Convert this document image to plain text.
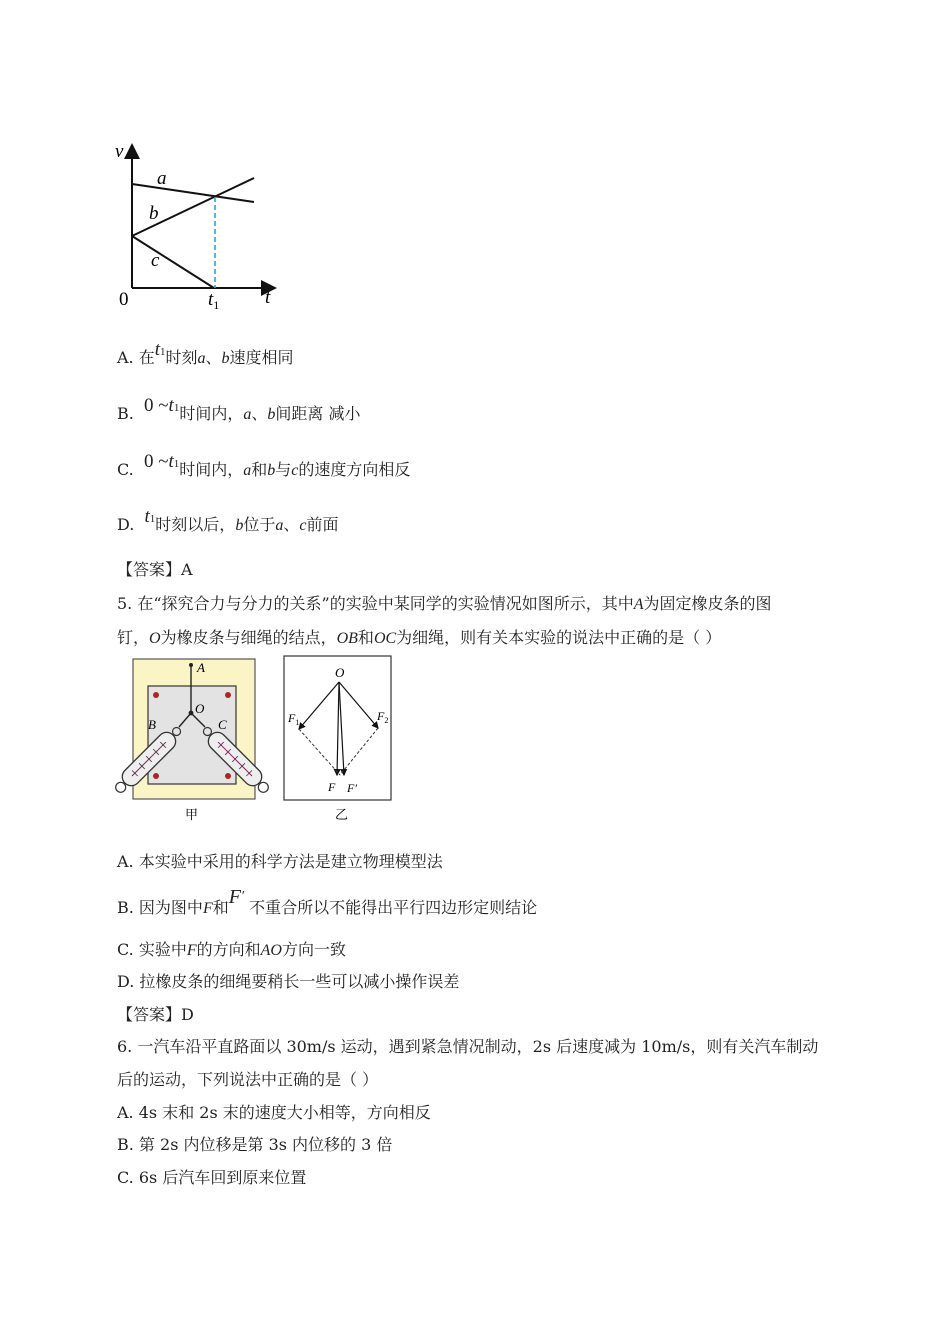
v
t
0	$t_1$
a
b
c
A. 在t1时刻a、b速度相同
B. 0 ~t1时间内，a、b间距离 减小
C. 0 ~t1时间内，a和b与c的速度方向相反
D. t1时刻以后，b位于a、c前面
【答案】A
5. 在“探究合力与分力的关系”的实验中某同学的实验情况如图所示，其中A为固定橡皮条的图
钉，O为橡皮条与细绳的结点，OB和OC为细绳，则有关本实验的说法中正确的是（ ）
A
O
B	C
甲
O
$F_1$	$F_2$
F F′
乙
A. 本实验中采用的科学方法是建立物理模型法
B. 因为图中F和F′ 不重合所以不能得出平行四边形定则结论
C. 实验中F的方向和AO方向一致
D. 拉橡皮条的细绳要稍长一些可以减小操作误差
【答案】D
6. 一汽车沿平直路面以 30m/s 运动，遇到紧急情况制动，2s 后速度减为 10m/s，则有关汽车制动
后的运动，下列说法中正确的是（ ）
A. 4s 末和 2s 末的速度大小相等，方向相反
B. 第 2s 内位移是第 3s 内位移的 3 倍
C. 6s 后汽车回到原来位置
